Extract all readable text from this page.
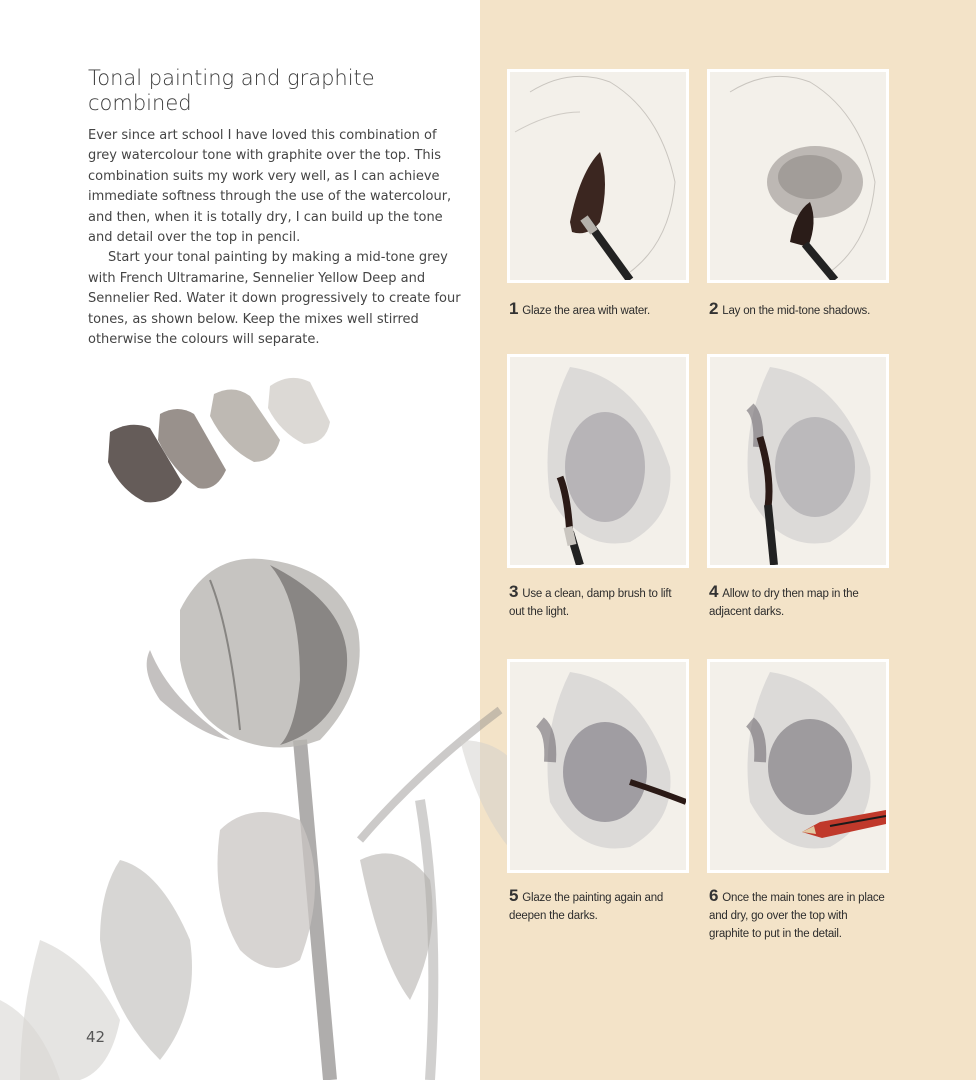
Tonal painting and graphite combined

Ever since art school I have loved this combination of grey watercolour tone with graphite over the top. This combination suits my work very well, as I can achieve immediate softness through the use of the watercolour, and then, when it is totally dry, I can build up the tone and detail over the top in pencil.

Start your tonal painting by making a mid-tone grey with French Ultramarine, Sennelier Yellow Deep and Sennelier Red. Water it down progressively to create four tones, as shown below. Keep the mixes well stirred otherwise the colours will separate.

42
1 Glaze the area with water.	2 Lay on the mid-tone shadows.
3 Use a clean, damp brush to lift out the light.
4 Allow to dry then map in the adjacent darks.
5 Glaze the painting again and deepen the darks.
6 Once the main tones are in place and dry, go over the top with graphite to put in the detail.
